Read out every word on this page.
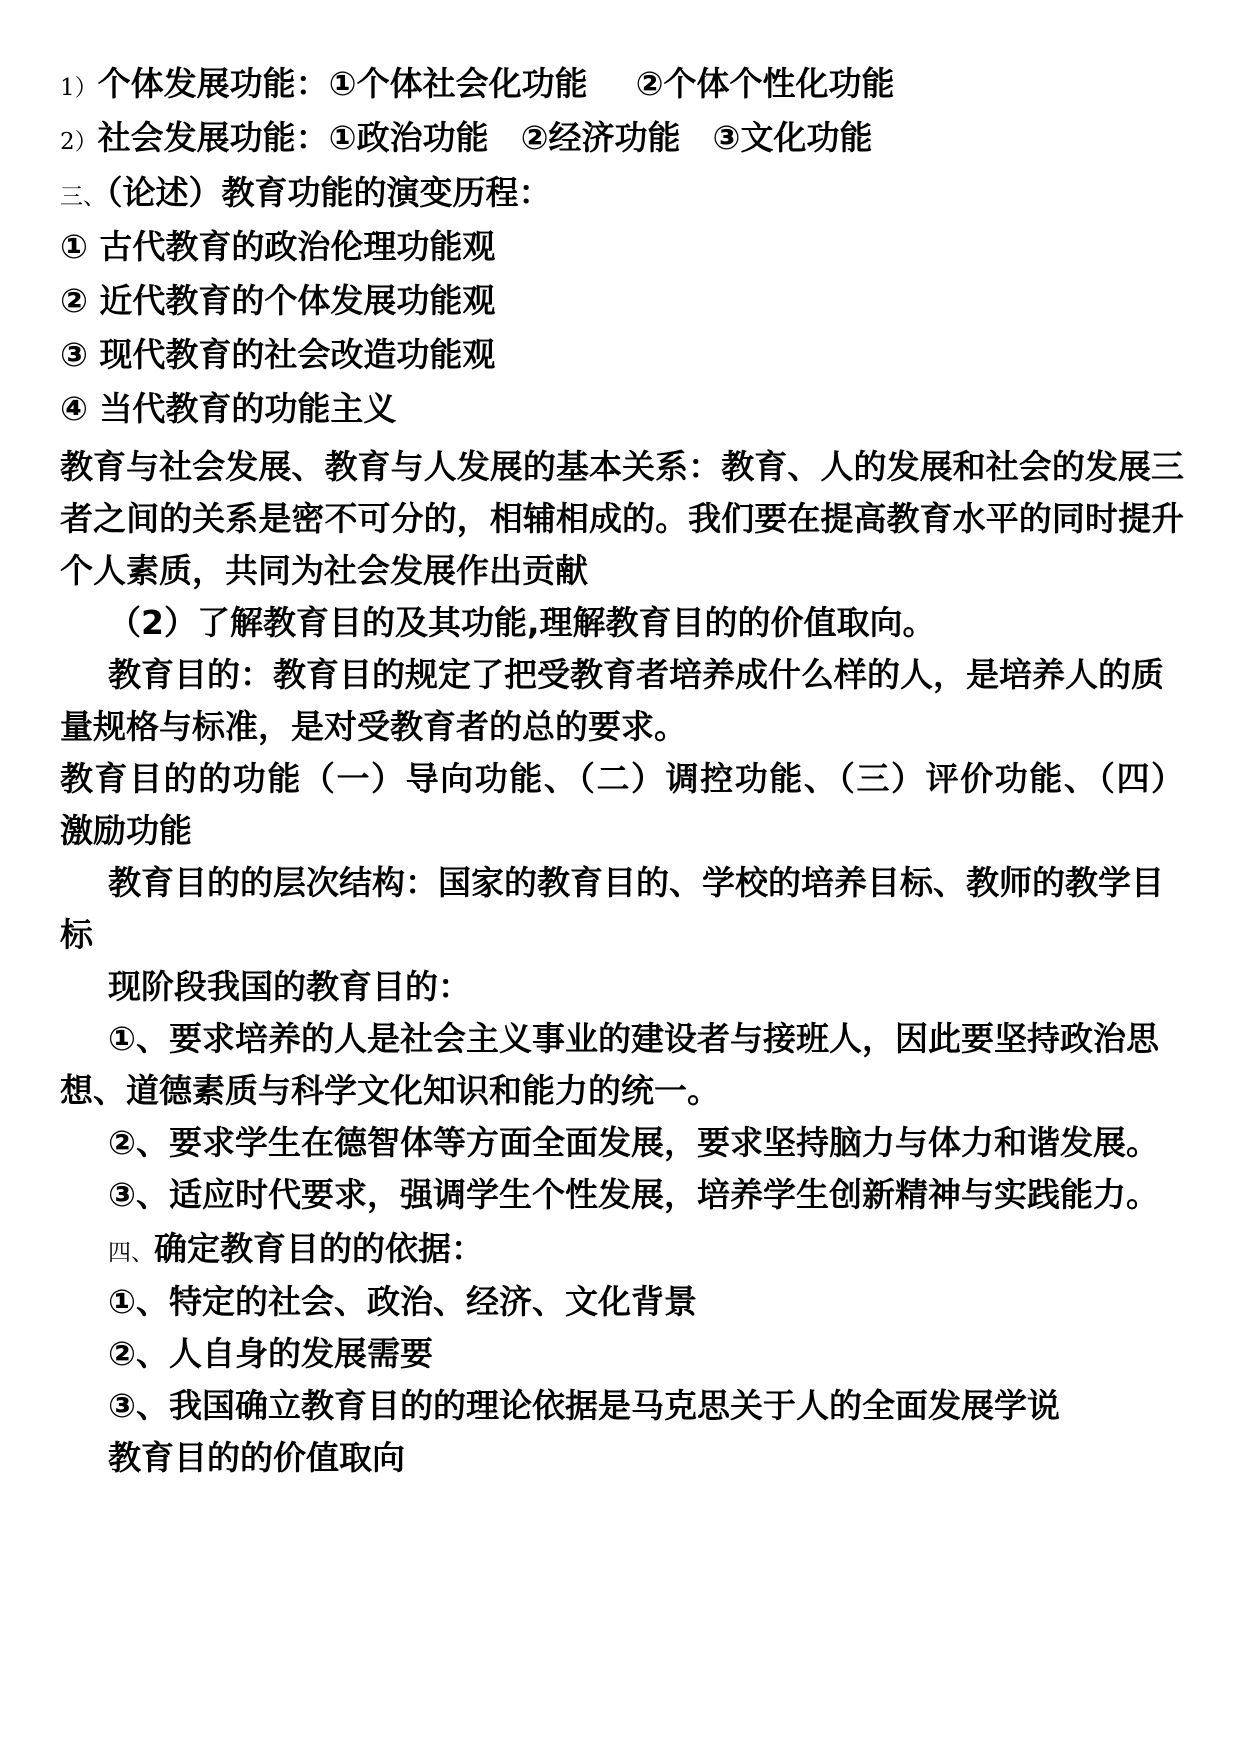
1）个体发展功能：①个体社会化功能 ②个体个性化功能
2）社会发展功能：①政治功能 ②经济功能 ③文化功能
三、（论述）教育功能的演变历程：
① 古代教育的政治伦理功能观
② 近代教育的个体发展功能观
③ 现代教育的社会改造功能观
④ 当代教育的功能主义
教育与社会发展、教育与人发展的基本关系：教育、人的发展和社会的发展三
者之间的关系是密不可分的，相辅相成的。我们要在提高教育水平的同时提升
个人素质，共同为社会发展作出贡献
（2）了解教育目的及其功能,理解教育目的的价值取向。
教育目的：教育目的规定了把受教育者培养成什么样的人，是培养人的质
量规格与标准，是对受教育者的总的要求。
教育目的的功能（一）导向功能、（二）调控功能、（三）评价功能、（四）
激励功能
教育目的的层次结构：国家的教育目的、学校的培养目标、教师的教学目
标
现阶段我国的教育目的：
①、要求培养的人是社会主义事业的建设者与接班人，因此要坚持政治思
想、道德素质与科学文化知识和能力的统一。
②、要求学生在德智体等方面全面发展，要求坚持脑力与体力和谐发展。
③、适应时代要求，强调学生个性发展，培养学生创新精神与实践能力。
四、确定教育目的的依据：
①、特定的社会、政治、经济、文化背景
②、人自身的发展需要
③、我国确立教育目的的理论依据是马克思关于人的全面发展学说
教育目的的价值取向
